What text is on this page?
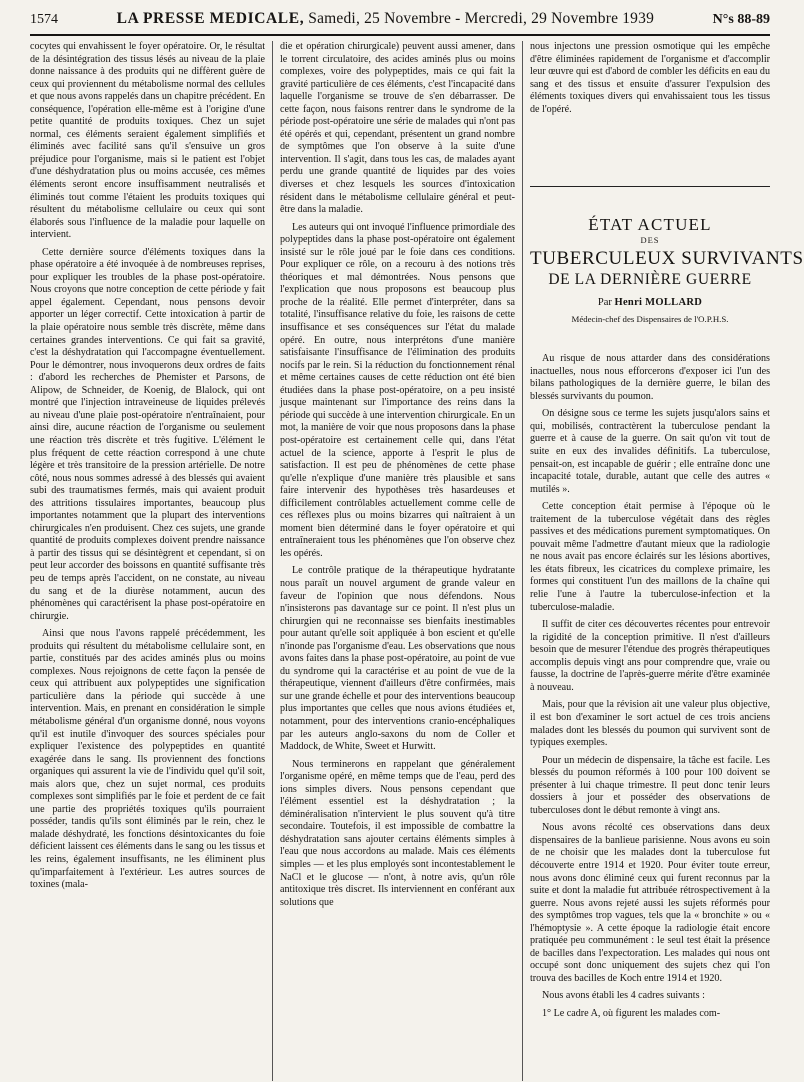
1574	LA PRESSE MEDICALE, Samedi, 25 Novembre - Mercredi, 29 Novembre 1939	N°s 88-89

cocytes qui envahissent le foyer opératoire. Or, le résultat de la désintégration des tissus lésés au niveau de la plaie donne naissance à des produits qui ne diffèrent guère de ceux qui proviennent du métabolisme normal des cellules et que nous avons rappelés dans un chapitre précédent. En conséquence, l'opération elle-même est à l'origine d'une petite quantité de produits toxiques. Chez un sujet normal, ces éléments seraient également simplifiés et éliminés avec facilité sans qu'il s'ensuive un gros préjudice pour l'organisme, mais si le patient est l'objet d'une déshydratation plus ou moins accusée, ces mêmes éléments seront encore insuffisamment neutralisés et éliminés tout comme l'étaient les produits toxiques qui résultent du métabolisme cellulaire ou ceux qui sont élaborés sous l'influence de la maladie pour laquelle on intervient.

Cette dernière source d'éléments toxiques dans la phase opératoire a été invoquée à de nombreuses reprises, pour expliquer les troubles de la phase post-opératoire. Nous croyons que notre conception de cette période y fait appel également. Cependant, nous pensons devoir apporter un léger correctif. Cette intoxication à partir de la plaie opératoire nous semble très discrète, même dans certaines grandes interventions. Ce qui fait sa gravité, c'est la déshydratation qui l'accompagne éventuellement. Pour le démontrer, nous invoquerons deux ordres de faits : d'abord les recherches de Phemister et Parsons, de Alipow, de Schneider, de Koenig, de Blalock, qui ont montré que l'injection intraveineuse de liquides prélevés au niveau d'une plaie post-opératoire n'entraînaient, pour ainsi dire, aucune réaction de l'organisme ou seulement une réaction très discrète et très fugitive. L'élément le plus fréquent de cette réaction correspond à une chute légère et très transitoire de la pression artérielle. De notre côté, nous nous sommes adressé à des blessés qui avaient subi des traumatismes fermés, mais qui avaient produit des attritions tissulaires importantes, beaucoup plus importantes notamment que la plupart des interventions chirurgicales n'en produisent. Chez ces sujets, une grande quantité de produits complexes doivent prendre naissance à partir des tissus qui se désintègrent et cependant, si on peut leur accorder des boissons en quantité suffisante très peu de temps après l'accident, on ne constate, au niveau du sang et de la diurèse notamment, aucun des phénomènes qui caractérisent la phase post-opératoire en chirurgie.

Ainsi que nous l'avons rappelé précédemment, les produits qui résultent du métabolisme cellulaire sont, en partie, constitués par des acides aminés plus ou moins complexes. Nous rejoignons de cette façon la pensée de ceux qui attribuent aux polypeptides une signification particulière dans la période qui succède à une intervention. Mais, en prenant en considération le simple métabolisme général d'un organisme donné, nous voyons qu'il est inutile d'invoquer des sources spéciales pour expliquer l'existence des polypeptides en quantité exagérée dans le sang. Ils proviennent des fonctions organiques qui assurent la vie de l'individu quel qu'il soit, mais alors que, chez un sujet normal, ces produits complexes sont simplifiés par le foie et perdent de ce fait une partie des propriétés toxiques qu'ils pourraient posséder, tandis qu'ils sont éliminés par le rein, chez le malade déshydraté, les fonctions désintoxicantes du foie déficient laissent ces éléments dans le sang ou les tissus et les reins, également insuffisants, ne les éliminent plus qu'imparfaitement à l'extérieur. Les autres sources de toxines (mala-

die et opération chirurgicale) peuvent aussi amener, dans le torrent circulatoire, des acides aminés plus ou moins complexes, voire des polypeptides, mais ce qui fait la gravité particulière de ces éléments, c'est l'incapacité dans laquelle l'organisme se trouve de s'en débarrasser. De cette façon, nous faisons rentrer dans le syndrome de la période post-opératoire une série de malades qui n'ont pas été opérés et qui, cependant, présentent un grand nombre de symptômes que l'on observe à la suite d'une intervention. Il s'agit, dans tous les cas, de malades ayant perdu une grande quantité de liquides par des voies diverses et chez lesquels les sources d'intoxication résident dans le métabolisme cellulaire général et peut-être dans la maladie.

Les auteurs qui ont invoqué l'influence primordiale des polypeptides dans la phase post-opératoire ont également insisté sur le rôle joué par le foie dans ces conditions. Pour expliquer ce rôle, on a recouru à des notions très théoriques et mal démontrées. Nous pensons que l'explication que nous proposons est beaucoup plus proche de la réalité. Elle permet d'interpréter, dans sa totalité, l'insuffisance relative du foie, les raisons de cette insuffisance et ses conséquences sur l'état du malade opéré. En outre, nous interprétons d'une manière satisfaisante l'insuffisance de l'élimination des produits nocifs par le rein. Si la réduction du fonctionnement rénal et même certaines causes de cette réduction ont été bien étudiées dans la phase post-opératoire, on a peu insisté jusque maintenant sur l'importance des reins dans la période qui succède à une intervention chirurgicale. En un mot, la manière de voir que nous proposons dans la phase post-opératoire est certainement celle qui, dans l'état actuel de la science, apporte à l'esprit le plus de satisfaction. Il est peu de phénomènes de cette phase qu'elle n'explique d'une manière très plausible et sans faire intervenir des hypothèses très hasardeuses et difficilement contrôlables actuellement comme celle de ces réflexes plus ou moins bizarres qui naîtraient à un moment bien déterminé dans le foyer opératoire et qui entraîneraient tous les phénomènes que l'on observe chez les opérés.

Le contrôle pratique de la thérapeutique hydratante nous paraît un nouvel argument de grande valeur en faveur de l'opinion que nous défendons. Nous n'insisterons pas davantage sur ce point. Il n'est plus un chirurgien qui ne reconnaisse ses bienfaits inestimables pour autant qu'elle soit appliquée à bon escient et qu'elle n'inonde pas l'organisme d'eau. Les observations que nous avons faites dans la phase post-opératoire, au point de vue du syndrome qui la caractérise et au point de vue de la thérapeutique, viennent d'ailleurs d'être confirmées, mais sur une grande échelle et pour des interventions beaucoup plus importantes que celles que nous avions étudiées et, notamment, pour des interventions cranio-encéphaliques par les auteurs anglo-saxons du nom de Coller et Maddock, de White, Sweet et Hurwitt.

Nous terminerons en rappelant que généralement l'organisme opéré, en même temps que de l'eau, perd des ions simples divers. Nous pensons cependant que l'élément essentiel est la déshydratation ; la déminéralisation n'intervient le plus souvent qu'à titre secondaire. Toutefois, il est impossible de combattre la déshydratation sans ajouter certains éléments simples à l'eau que nous accordons au malade. Mais ces éléments simples — et les plus employés sont incontestablement le NaCl et le glucose — n'ont, à notre avis, qu'un rôle antitoxique très discret. Ils interviennent en conférant aux solutions que

nous injectons une pression osmotique qui les empêche d'être éliminées rapidement de l'organisme et d'accomplir leur œuvre qui est d'abord de combler les déficits en eau du sang et des tissus et ensuite d'assurer l'expulsion des éléments toxiques divers qui envahissaient tous les tissus de l'opéré.

ÉTAT ACTUEL
DES
TUBERCULEUX SURVIVANTS
DE LA DERNIÈRE GUERRE
Par Henri MOLLARD
Médecin-chef des Dispensaires de l'O.P.H.S.

Au risque de nous attarder dans des considérations inactuelles, nous nous efforcerons d'exposer ici l'un des bilans pathologiques de la dernière guerre, le bilan des blessés survivants du poumon.

On désigne sous ce terme les sujets jusqu'alors sains et qui, mobilisés, contractèrent la tuberculose pendant la guerre et à cause de la guerre. On sait qu'on vit tout de suite en eux des invalides définitifs. La tuberculose, pensait-on, est incapable de guérir ; elle entraîne donc une incapacité totale, durable, autant que celle des autres « mutilés ».

Cette conception était permise à l'époque où le traitement de la tuberculose végétait dans des règles passives et des médications purement symptomatiques. On pouvait même l'admettre d'autant mieux que la radiologie ne nous avait pas encore éclairés sur les lésions abortives, les états fibreux, les cicatrices du complexe primaire, les formes qui constituent l'un des maillons de la chaîne qui relie l'une à l'autre la tuberculose-infection et la tuberculose-maladie.

Il suffit de citer ces découvertes récentes pour entrevoir la rigidité de la conception primitive. Il n'est d'ailleurs besoin que de mesurer l'étendue des progrès thérapeutiques accomplis depuis vingt ans pour comprendre que, vraie ou fausse, la doctrine de l'après-guerre mérite d'être examinée à nouveau.

Mais, pour que la révision ait une valeur plus objective, il est bon d'examiner le sort actuel de ces trois anciens malades dont les blessés du poumon qui survivent sont de typiques exemples.

Pour un médecin de dispensaire, la tâche est facile. Les blessés du poumon réformés à 100 pour 100 doivent se présenter à lui chaque trimestre. Il peut donc tenir leurs dossiers à jour et posséder des observations de tuberculoses dont le début remonte à vingt ans.

Nous avons récolté ces observations dans deux dispensaires de la banlieue parisienne. Nous avons eu soin de ne choisir que les malades dont la tuberculose fut découverte entre 1914 et 1920. Pour éviter toute erreur, nous avons donc éliminé ceux qui furent reconnus par la suite et dont la maladie fut attribuée rétrospectivement à la guerre. Nous avons rejeté aussi les sujets réformés pour des symptômes trop vagues, tels que la « bronchite » ou « l'hémoptysie ». A cette époque la radiologie était encore pratiquée peu communément : le seul test était la présence de bacilles dans l'expectoration. Les malades qui nous ont occupé sont donc uniquement des sujets chez qui l'on trouva des bacilles de Koch entre 1914 et 1920.

Nous avons établi les 4 cadres suivants :

1° Le cadre A, où figurent les malades com-
